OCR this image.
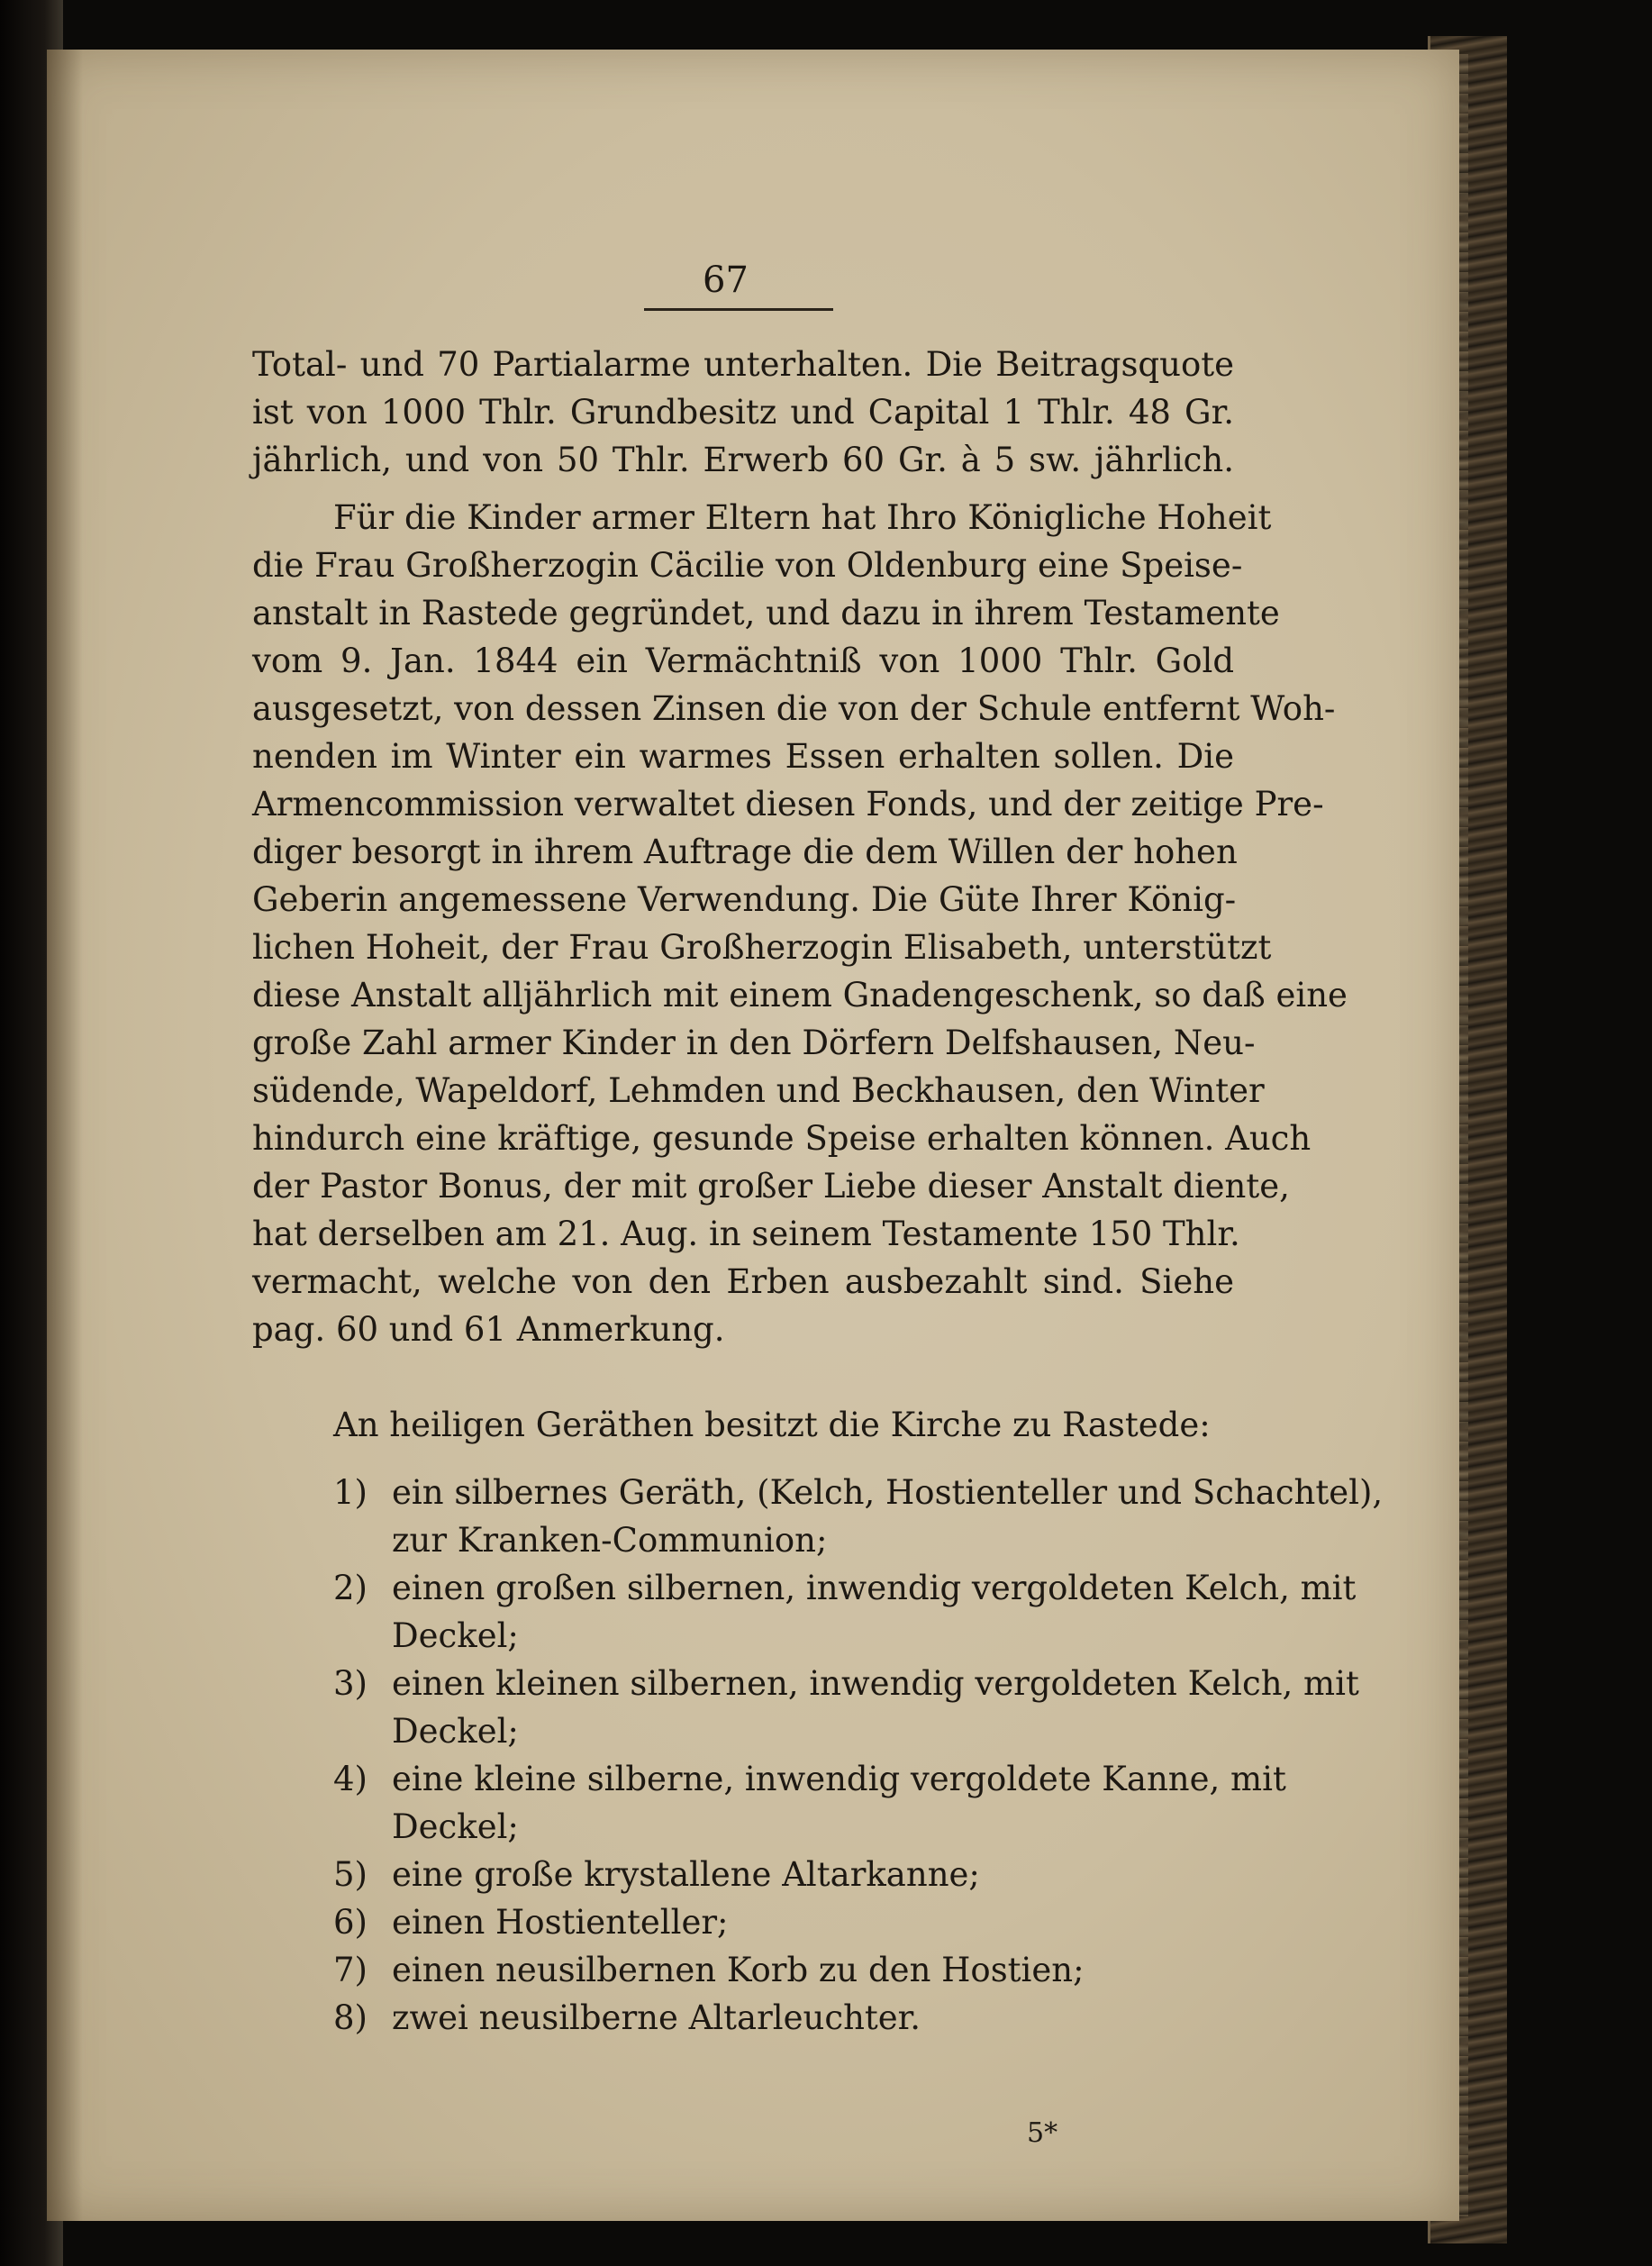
67
Total- und 70 Partialarme unterhalten. Die Beitragsquote
ist von 1000 Thlr. Grundbesitz und Capital 1 Thlr. 48 Gr.
jährlich, und von 50 Thlr. Erwerb 60 Gr. à 5 sw. jährlich.
Für die Kinder armer Eltern hat Ihro Königliche Hoheit
die Frau Großherzogin Cäcilie von Oldenburg eine Speise-
anstalt in Rastede gegründet, und dazu in ihrem Testamente
vom 9. Jan. 1844 ein Vermächtniß von 1000 Thlr. Gold
ausgesetzt, von dessen Zinsen die von der Schule entfernt Woh-
nenden im Winter ein warmes Essen erhalten sollen. Die
Armencommission verwaltet diesen Fonds, und der zeitige Pre-
diger besorgt in ihrem Auftrage die dem Willen der hohen
Geberin angemessene Verwendung. Die Güte Ihrer König-
lichen Hoheit, der Frau Großherzogin Elisabeth, unterstützt
diese Anstalt alljährlich mit einem Gnadengeschenk, so daß eine
große Zahl armer Kinder in den Dörfern Delfshausen, Neu-
südende, Wapeldorf, Lehmden und Beckhausen, den Winter
hindurch eine kräftige, gesunde Speise erhalten können. Auch
der Pastor Bonus, der mit großer Liebe dieser Anstalt diente,
hat derselben am 21. Aug. in seinem Testamente 150 Thlr.
vermacht, welche von den Erben ausbezahlt sind. Siehe
pag. 60 und 61 Anmerkung.
An heiligen Geräthen besitzt die Kirche zu Rastede:
1) ein silbernes Geräth, (Kelch, Hostienteller und Schachtel),
zur Kranken-Communion;
2) einen großen silbernen, inwendig vergoldeten Kelch, mit
Deckel;
3) einen kleinen silbernen, inwendig vergoldeten Kelch, mit
Deckel;
4) eine kleine silberne, inwendig vergoldete Kanne, mit
Deckel;
5) eine große krystallene Altarkanne;
6) einen Hostienteller;
7) einen neusilbernen Korb zu den Hostien;
8) zwei neusilberne Altarleuchter.
5*
